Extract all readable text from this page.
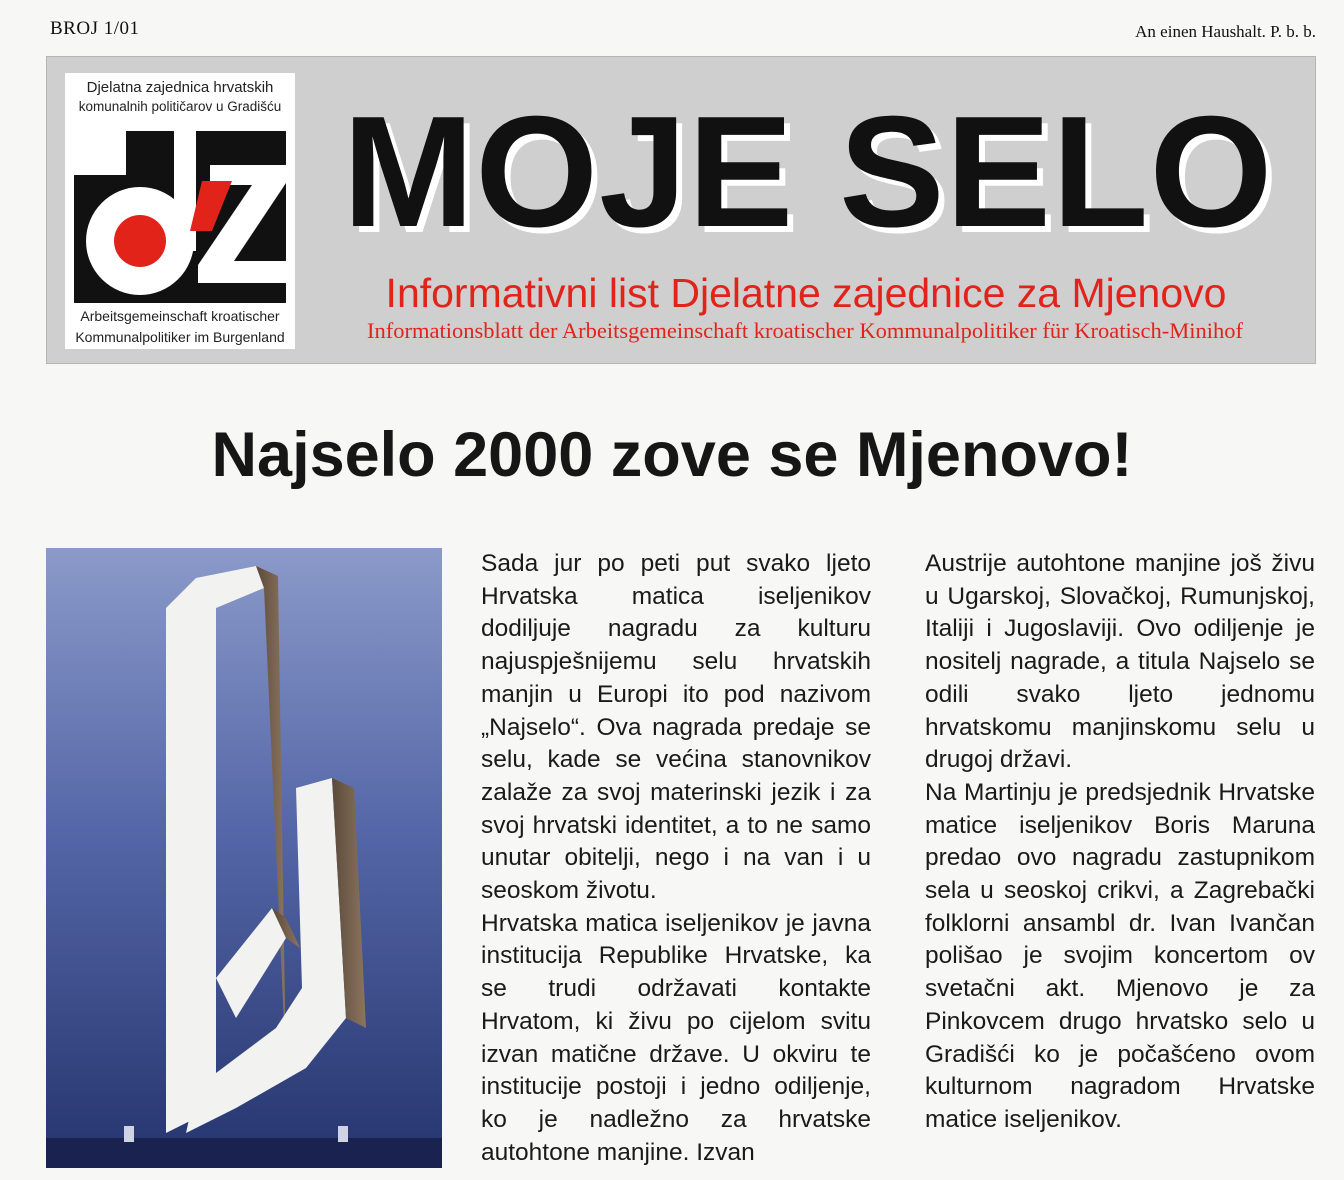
BROJ 1/01	An einen Haushalt. P. b. b.
Djelatna zajednica hrvatskih
komunalnih političarov u Gradišću
Arbeitsgemeinschaft kroatischer
Kommunalpolitiker im Burgenland
MOJE SELO
Informativni list Djelatne zajednice za Mjenovo
Informationsblatt der Arbeitsgemeinschaft kroatischer Kommunalpolitiker für Kroatisch-Minihof
Najselo 2000 zove se Mjenovo!

Sada jur po peti put svako ljeto Hrvatska matica iseljenikov dodiljuje nagradu za kulturu najuspješnijemu selu hrvatskih manjin u Europi ito pod nazivom „Najselo“. Ova nagrada predaje se selu, kade se većina stanovnikov zalaže za svoj materinski jezik i za svoj hrvatski identitet, a to ne samo unutar obitelji, nego i na van i u seoskom životu.

Hrvatska matica iseljenikov je javna institucija Republike Hrvatske, ka se trudi održavati kontakte Hrvatom, ki živu po cijelom svitu izvan matične države. U okviru te institucije postoji i jedno odiljenje, ko je nadležno za hrvatske autohtone manjine. Izvan

Austrije autohtone manjine još živu u Ugarskoj, Slovačkoj, Rumunjskoj, Italiji i Jugoslaviji. Ovo odiljenje je nositelj nagrade, a titula Najselo se odili svako ljeto jednomu hrvatskomu manjinskomu selu u drugoj državi.

Na Martinju je predsjednik Hrvatske matice iseljenikov Boris Maruna predao ovo nagradu zastupnikom sela u seoskoj crikvi, a Zagrebački folklorni ansambl dr. Ivan Ivančan polišao je svojim koncertom ov svetačni akt. Mjenovo je za Pinkovcem drugo hrvatsko selo u Gradišći ko je počašćeno ovom kulturnom nagradom Hrvatske matice iseljenikov.
